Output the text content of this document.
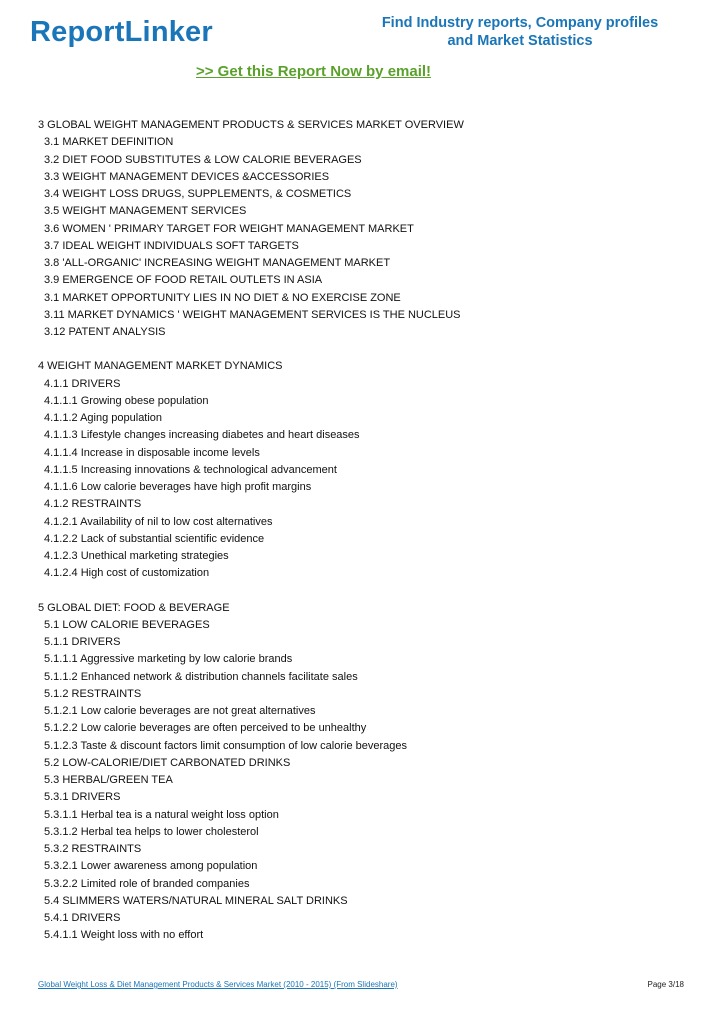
ReportLinker	Find Industry reports, Company profiles
and Market Statistics
>> Get this Report Now by email!
3 GLOBAL WEIGHT MANAGEMENT PRODUCTS & SERVICES MARKET OVERVIEW
3.1 MARKET DEFINITION
3.2 DIET FOOD SUBSTITUTES & LOW CALORIE BEVERAGES
3.3 WEIGHT MANAGEMENT DEVICES &ACCESSORIES
3.4 WEIGHT LOSS DRUGS, SUPPLEMENTS, & COSMETICS
3.5 WEIGHT MANAGEMENT SERVICES
3.6 WOMEN ' PRIMARY TARGET FOR WEIGHT MANAGEMENT MARKET
3.7 IDEAL WEIGHT INDIVIDUALS SOFT TARGETS
3.8 'ALL-ORGANIC' INCREASING WEIGHT MANAGEMENT MARKET
3.9 EMERGENCE OF FOOD RETAIL OUTLETS IN ASIA
3.1 MARKET OPPORTUNITY LIES IN NO DIET & NO EXERCISE ZONE
3.11 MARKET DYNAMICS ' WEIGHT MANAGEMENT SERVICES IS THE NUCLEUS
3.12 PATENT ANALYSIS
4 WEIGHT MANAGEMENT MARKET DYNAMICS
4.1.1 DRIVERS
4.1.1.1 Growing obese population
4.1.1.2 Aging population
4.1.1.3 Lifestyle changes increasing diabetes and heart diseases
4.1.1.4 Increase in disposable income levels
4.1.1.5 Increasing innovations & technological advancement
4.1.1.6 Low calorie beverages have high profit margins
4.1.2 RESTRAINTS
4.1.2.1 Availability of nil to low cost alternatives
4.1.2.2 Lack of substantial scientific evidence
4.1.2.3 Unethical marketing strategies
4.1.2.4 High cost of customization
5 GLOBAL DIET: FOOD & BEVERAGE
5.1 LOW CALORIE BEVERAGES
5.1.1 DRIVERS
5.1.1.1 Aggressive marketing by low calorie brands
5.1.1.2 Enhanced network & distribution channels facilitate sales
5.1.2 RESTRAINTS
5.1.2.1 Low calorie beverages are not great alternatives
5.1.2.2 Low calorie beverages are often perceived to be unhealthy
5.1.2.3 Taste & discount factors limit consumption of low calorie beverages
5.2 LOW-CALORIE/DIET CARBONATED DRINKS
5.3 HERBAL/GREEN TEA
5.3.1 DRIVERS
5.3.1.1 Herbal tea is a natural weight loss option
5.3.1.2 Herbal tea helps to lower cholesterol
5.3.2 RESTRAINTS
5.3.2.1 Lower awareness among population
5.3.2.2 Limited role of branded companies
5.4 SLIMMERS WATERS/NATURAL MINERAL SALT DRINKS
5.4.1 DRIVERS
5.4.1.1 Weight loss with no effort
Global Weight Loss & Diet Management Products & Services Market (2010 - 2015) (From Slideshare)	Page 3/18
